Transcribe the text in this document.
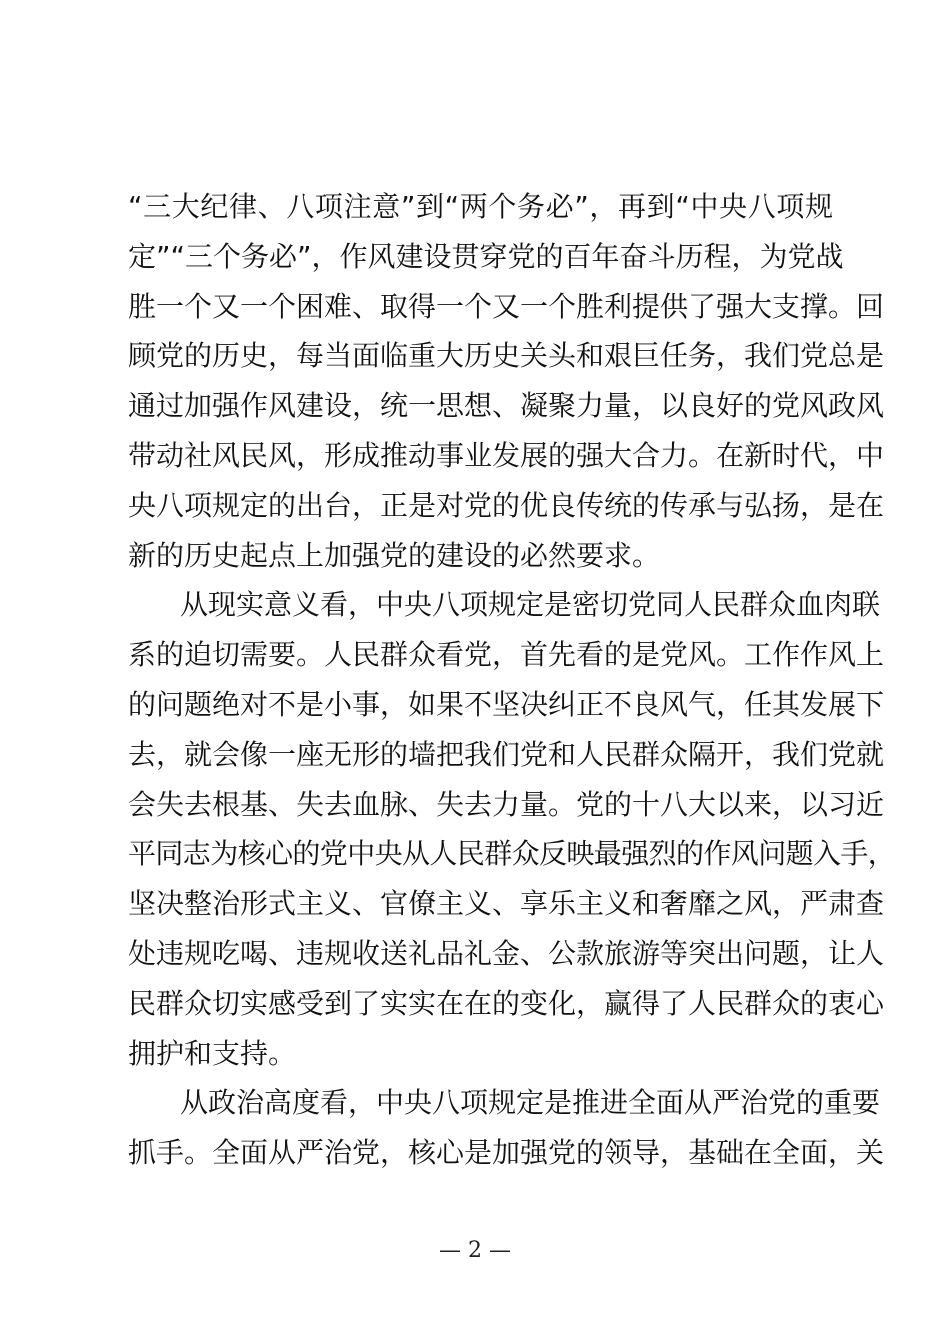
“三大纪律、八项注意”到“两个务必”，再到“中央八项规
定”“三个务必”，作风建设贯穿党的百年奋斗历程，为党战
胜一个又一个困难、取得一个又一个胜利提供了强大支撑。回
顾党的历史，每当面临重大历史关头和艰巨任务，我们党总是
通过加强作风建设，统一思想、凝聚力量，以良好的党风政风
带动社风民风，形成推动事业发展的强大合力。在新时代，中
央八项规定的出台，正是对党的优良传统的传承与弘扬，是在
新的历史起点上加强党的建设的必然要求。
从现实意义看，中央八项规定是密切党同人民群众血肉联
系的迫切需要。人民群众看党，首先看的是党风。工作作风上
的问题绝对不是小事，如果不坚决纠正不良风气，任其发展下
去，就会像一座无形的墙把我们党和人民群众隔开，我们党就
会失去根基、失去血脉、失去力量。党的十八大以来，以习近
平同志为核心的党中央从人民群众反映最强烈的作风问题入手，
坚决整治形式主义、官僚主义、享乐主义和奢靡之风，严肃查
处违规吃喝、违规收送礼品礼金、公款旅游等突出问题，让人
民群众切实感受到了实实在在的变化，赢得了人民群众的衷心
拥护和支持。
从政治高度看，中央八项规定是推进全面从严治党的重要
抓手。全面从严治党，核心是加强党的领导，基础在全面，关
— 2 —
